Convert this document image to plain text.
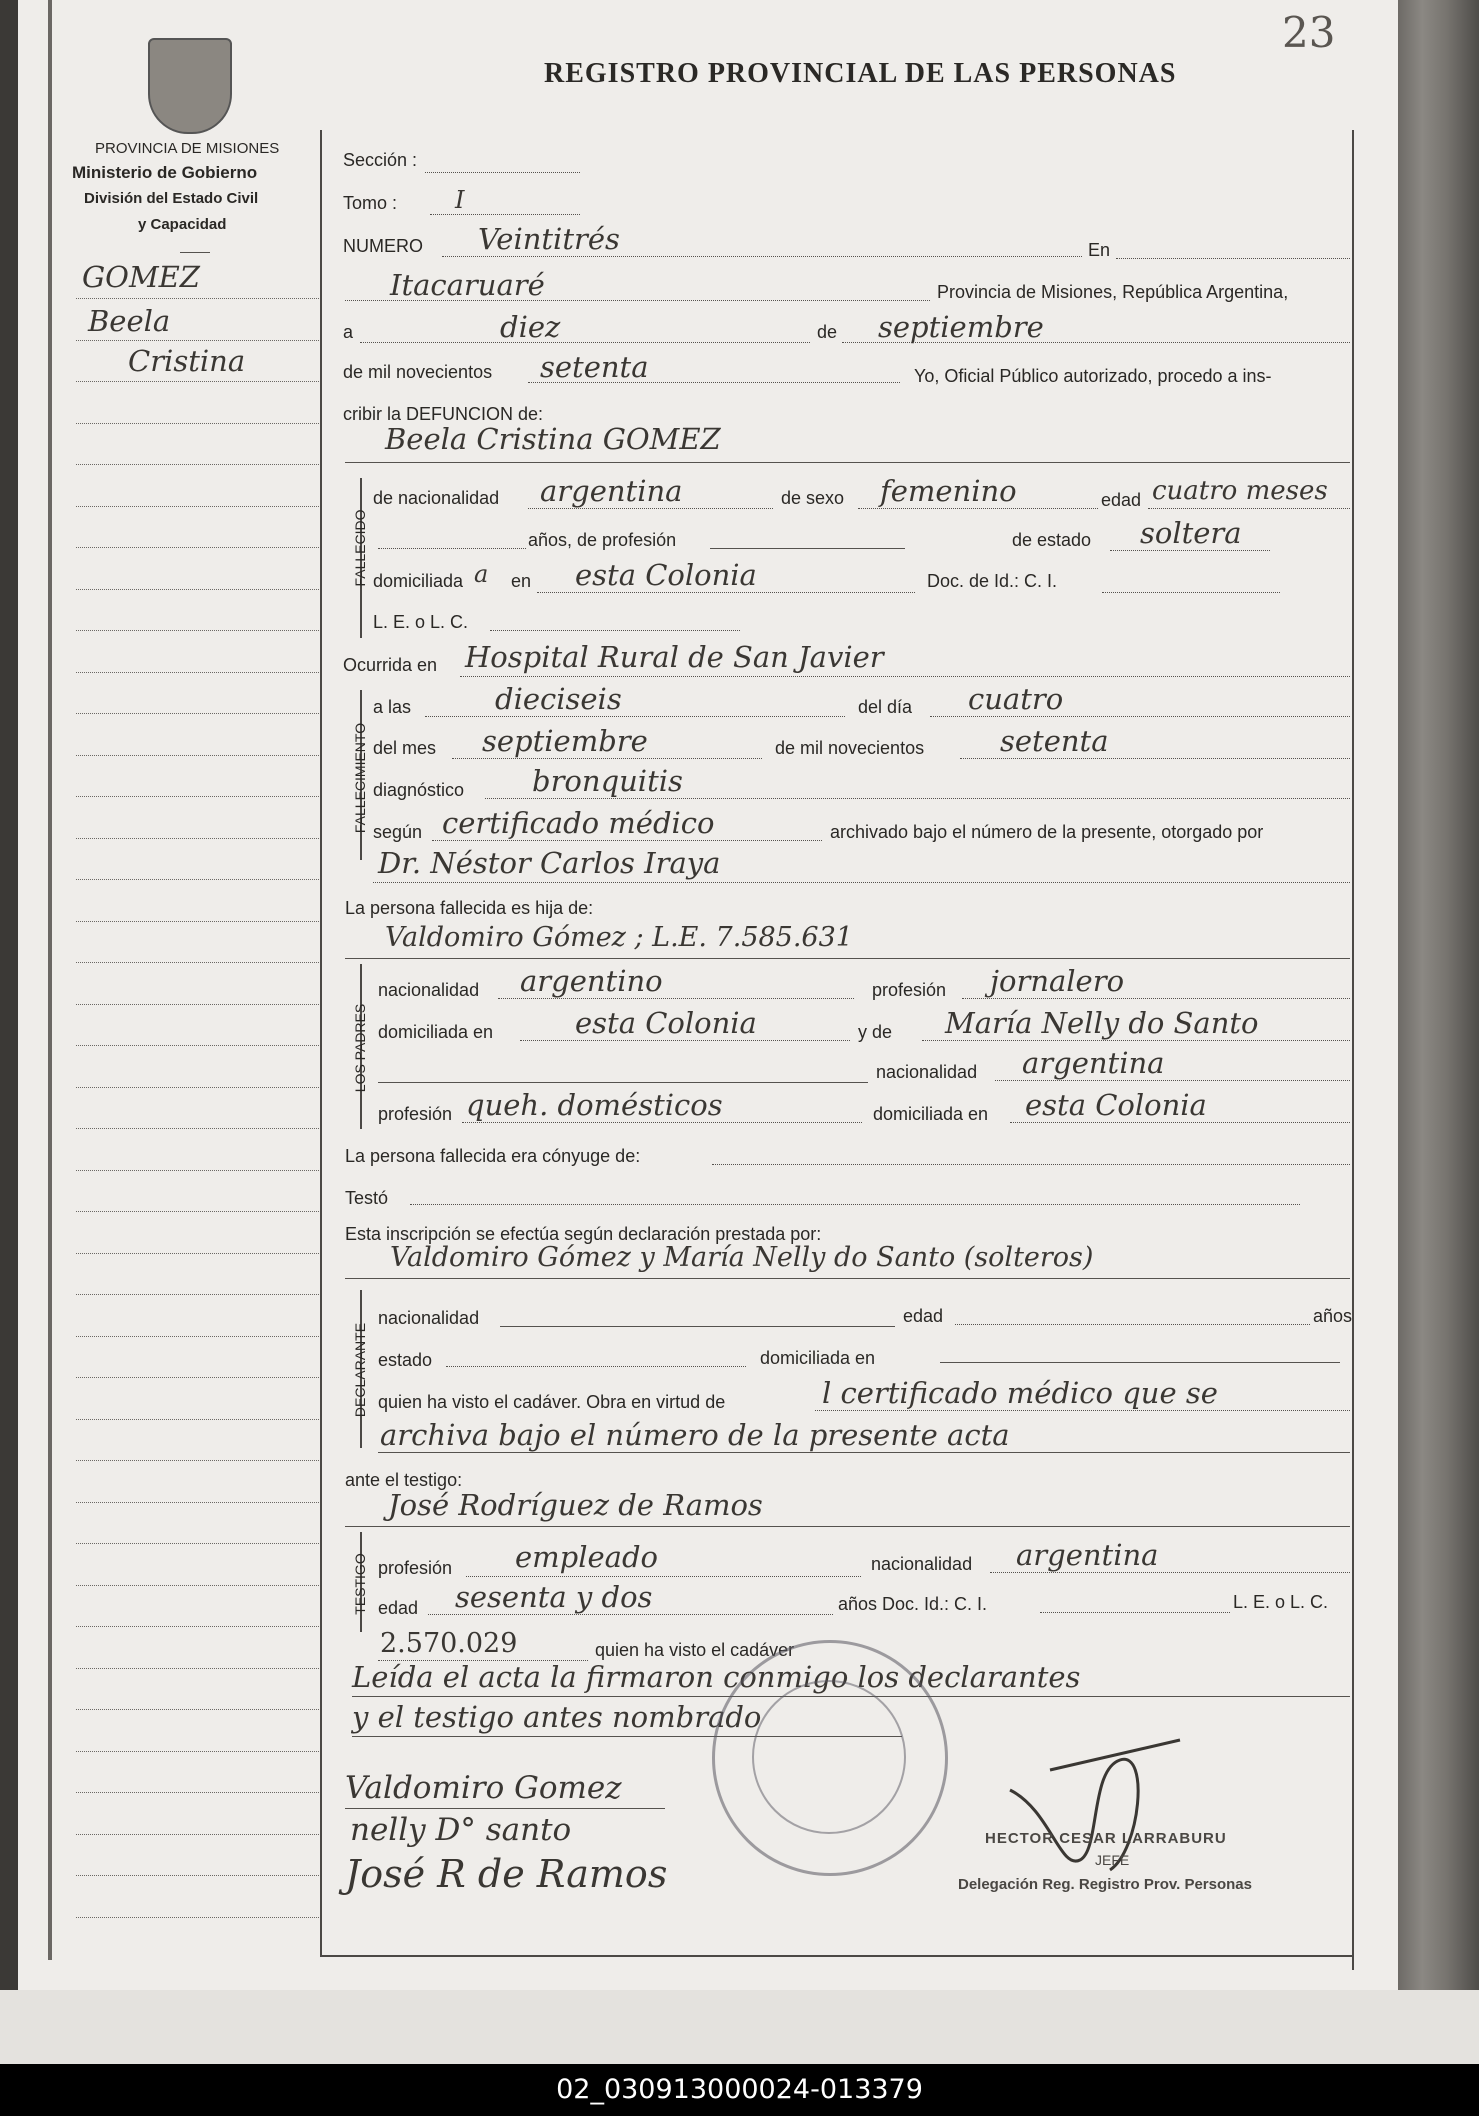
02_030913000024-013379
23
REGISTRO PROVINCIAL DE LAS PERSONAS
PROVINCIA DE MISIONES
Ministerio de Gobierno
División del Estado Civil
y Capacidad
GOMEZ
Beela
Cristina
Sección :
Tomo : I
NUMERO Veintitrés	En
Itacaruaré	Provincia de Misiones, República Argentina,
a	diez	de septiembre
de mil novecientos setenta	Yo, Oficial Público autorizado, procedo a ins-
cribir la DEFUNCION de:
Beela Cristina GOMEZ
FALLECIDO
de nacionalidad argentina	de sexo femenino	edad cuatro meses
años, de profesión	de estado soltera
domiciliada a en esta Colonia	Doc. de Id.: C. I.
L. E. o L. C.
Ocurrida en Hospital Rural de San Javier
FALLECIMIENTO
a las	dieciseis	del día cuatro
del mes septiembre	de mil novecientos	setenta
diagnóstico bronquitis
según certificado médico	archivado bajo el número de la presente, otorgado por
Dr. Néstor Carlos Iraya
La persona fallecida es hija de:
Valdomiro Gómez ; L.E. 7.585.631
LOS PADRES
nacionalidad argentino	profesión jornalero
domiciliada en	esta Colonia	y de María Nelly do Santo
nacionalidad argentina
profesión queh. domésticos	domiciliada en esta Colonia
La persona fallecida era cónyuge de:
Testó
Esta inscripción se efectúa según declaración prestada por:
Valdomiro Gómez y María Nelly do Santo (solteros)
DECLARANTE
nacionalidad	edad	años
estado	domiciliada en
quien ha visto el cadáver. Obra en virtud de	l certificado médico que se
archiva bajo el número de la presente acta
ante el testigo:
José Rodríguez de Ramos
TESTIGO profesión empleado	nacionalidad argentina
edad sesenta y dos	años Doc. Id.: C. I.	L. E. o L. C.
2.570.029	quien ha visto el cadáver
Leída el acta la firmaron conmigo los declarantes
y el testigo antes nombrado
Valdomiro Gomez
nelly D° santo
José R de Ramos
HECTOR CESAR LARRABURU
JEFE
Delegación Reg. Registro Prov. Personas
